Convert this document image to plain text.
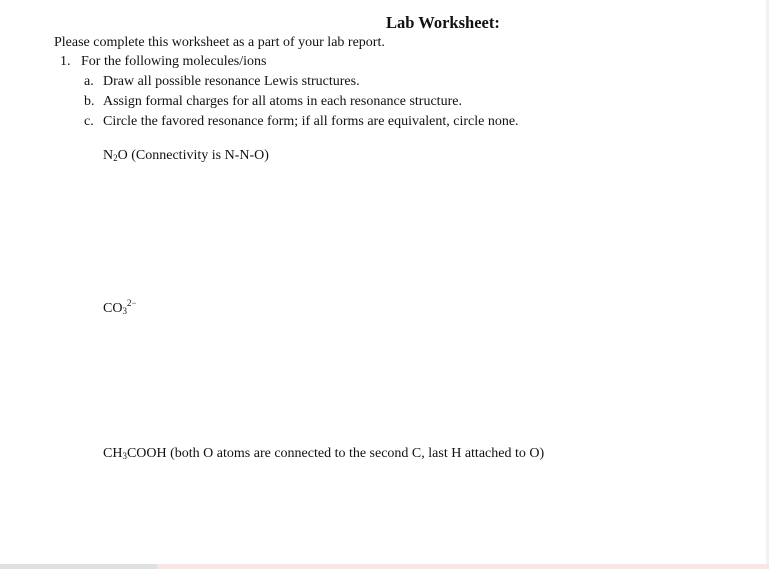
Lab Worksheet:
Please complete this worksheet as a part of your lab report.
1. For the following molecules/ions
a. Draw all possible resonance Lewis structures.
b. Assign formal charges for all atoms in each resonance structure.
c. Circle the favored resonance form; if all forms are equivalent, circle none.
$N_2O$ (Connectivity is N-N-O)
$CO_3^{2-}$
$CH_3COOH$ (both O atoms are connected to the second C, last H attached to O)
